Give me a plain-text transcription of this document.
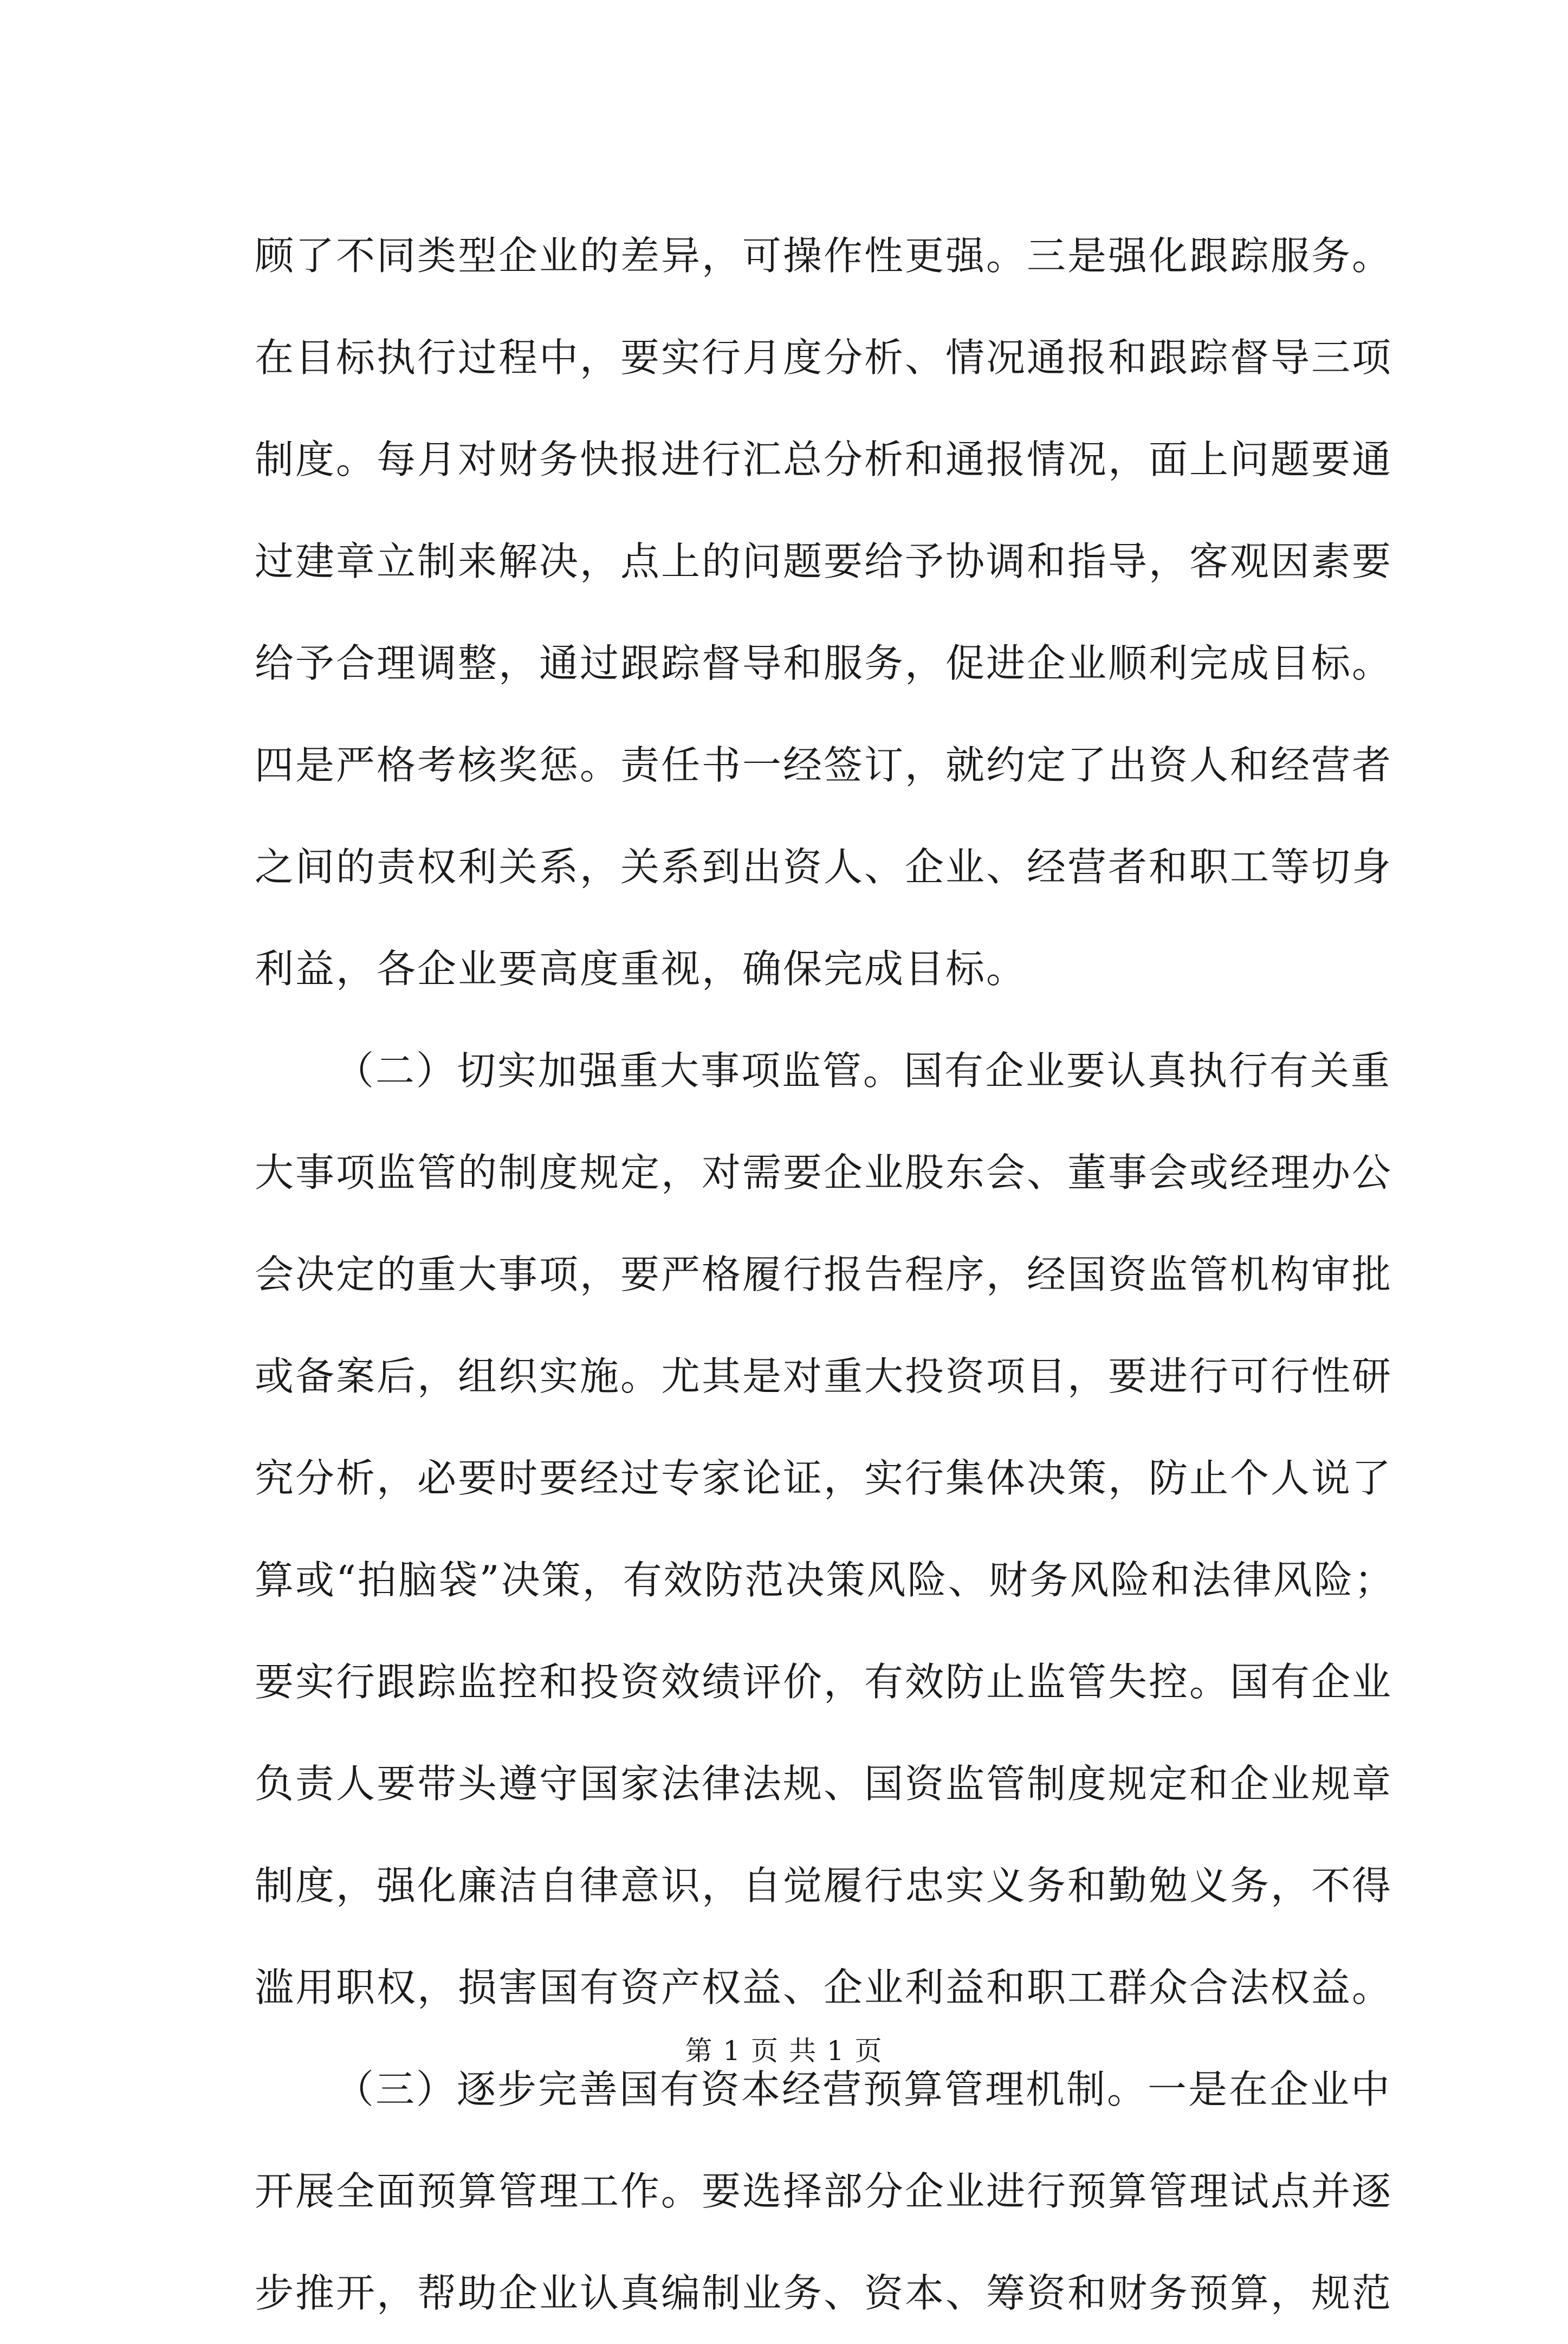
顾了不同类型企业的差异，可操作性更强。三是强化跟踪服务。
在目标执行过程中，要实行月度分析、情况通报和跟踪督导三项
制度。每月对财务快报进行汇总分析和通报情况，面上问题要通
过建章立制来解决，点上的问题要给予协调和指导，客观因素要
给予合理调整，通过跟踪督导和服务，促进企业顺利完成目标。
四是严格考核奖惩。责任书一经签订，就约定了出资人和经营者
之间的责权利关系，关系到出资人、企业、经营者和职工等切身
利益，各企业要高度重视，确保完成目标。
（二）切实加强重大事项监管。国有企业要认真执行有关重
大事项监管的制度规定，对需要企业股东会、董事会或经理办公
会决定的重大事项，要严格履行报告程序，经国资监管机构审批
或备案后，组织实施。尤其是对重大投资项目，要进行可行性研
究分析，必要时要经过专家论证，实行集体决策，防止个人说了
算或“拍脑袋”决策，有效防范决策风险、财务风险和法律风险；
要实行跟踪监控和投资效绩评价，有效防止监管失控。国有企业
负责人要带头遵守国家法律法规、国资监管制度规定和企业规章
制度，强化廉洁自律意识，自觉履行忠实义务和勤勉义务，不得
滥用职权，损害国有资产权益、企业利益和职工群众合法权益。
（三）逐步完善国有资本经营预算管理机制。一是在企业中
开展全面预算管理工作。要选择部分企业进行预算管理试点并逐
步推开，帮助企业认真编制业务、资本、筹资和财务预算，规范
第 1 页 共 1 页
